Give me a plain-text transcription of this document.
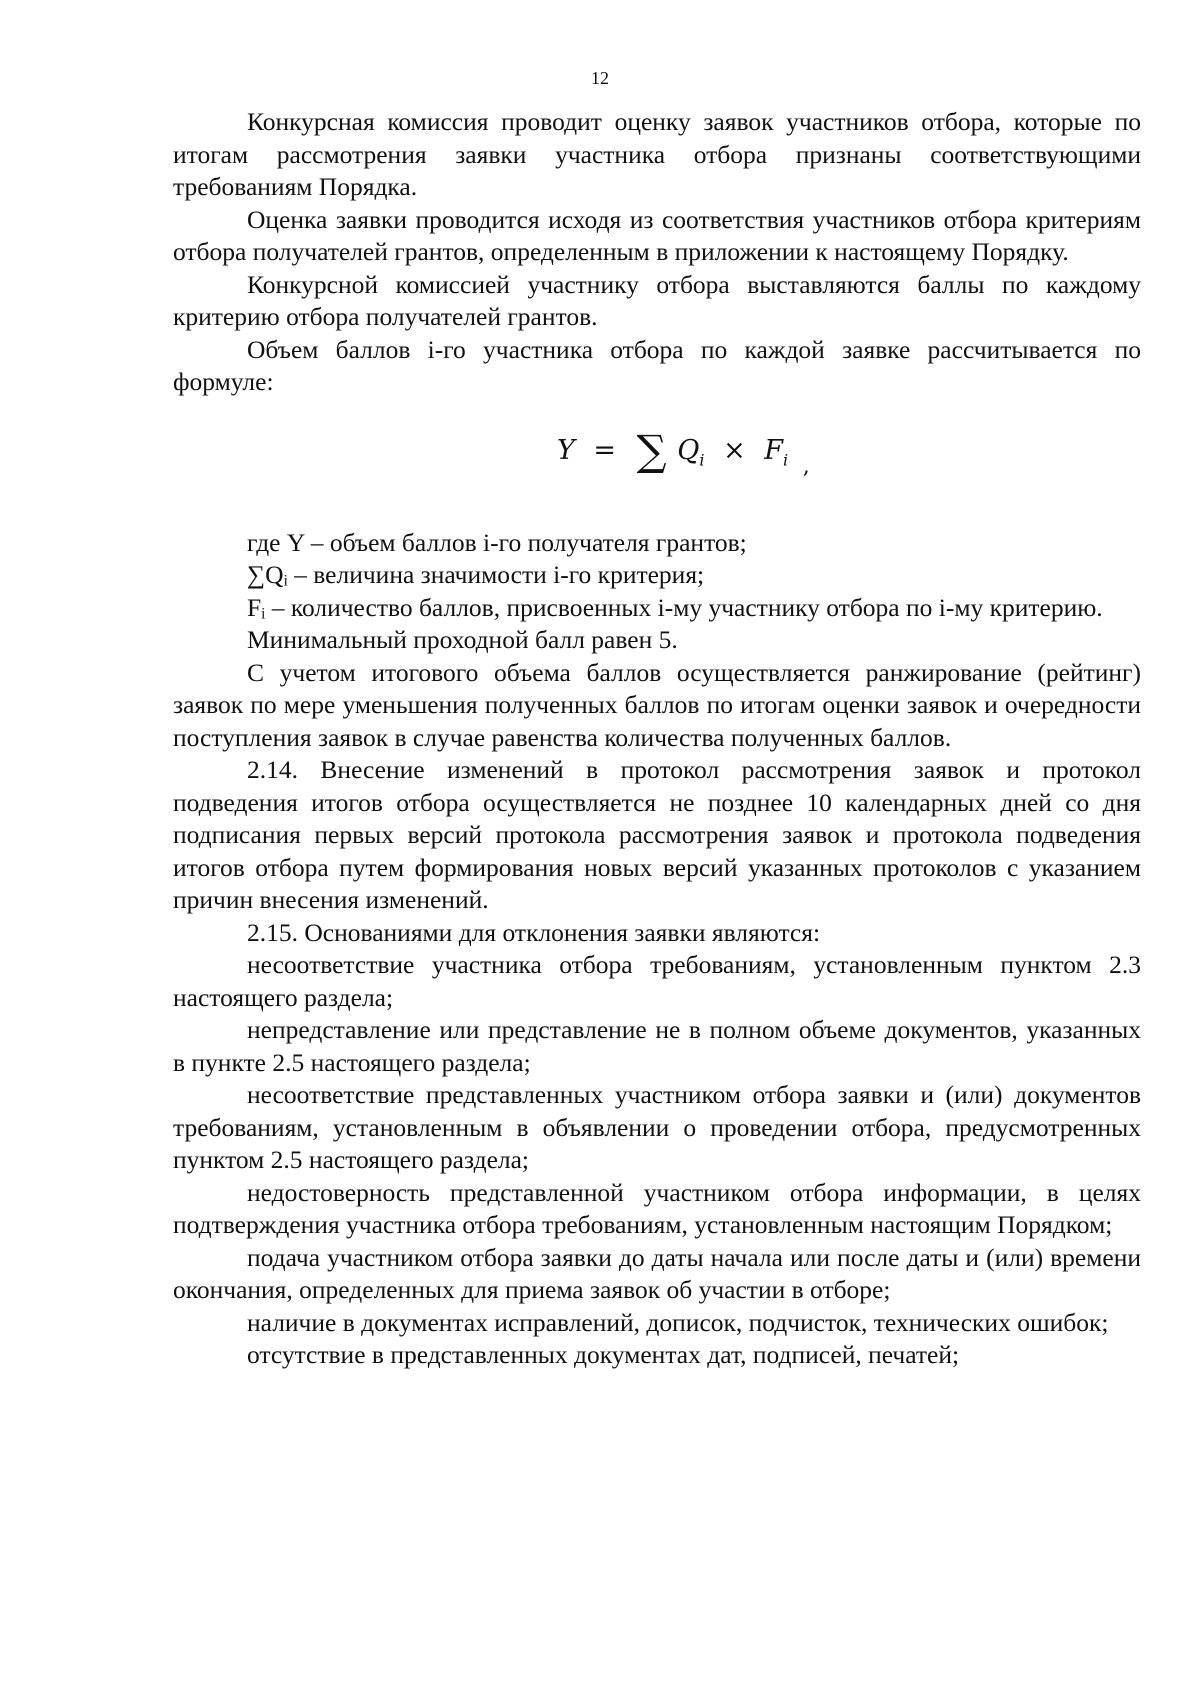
12

Конкурсная комиссия проводит оценку заявок участников отбора, которые по итогам рассмотрения заявки участника отбора признаны соответствующими требованиям Порядка.

Оценка заявки проводится исходя из соответствия участников отбора критериям отбора получателей грантов, определенным в приложении к настоящему Порядку.

Конкурсной комиссией участнику отбора выставляются баллы по каждому критерию отбора получателей грантов.

Объем баллов i-го участника отбора по каждой заявке рассчитывается по формуле:

Y = ∑ $Q_i \times F_i$ $_,$

где Y – объем баллов i-го получателя грантов;

∑Qᵢ – величина значимости i-го критерия;

Fᵢ – количество баллов, присвоенных i-му участнику отбора по i-му критерию.

Минимальный проходной балл равен 5.

С учетом итогового объема баллов осуществляется ранжирование (рейтинг) заявок по мере уменьшения полученных баллов по итогам оценки заявок и очередности поступления заявок в случае равенства количества полученных баллов.

2.14. Внесение изменений в протокол рассмотрения заявок и протокол подведения итогов отбора осуществляется не позднее 10 календарных дней со дня подписания первых версий протокола рассмотрения заявок и протокола подведения итогов отбора путем формирования новых версий указанных протоколов с указанием причин внесения изменений.

2.15. Основаниями для отклонения заявки являются:

несоответствие участника отбора требованиям, установленным пунктом 2.3 настоящего раздела;

непредставление или представление не в полном объеме документов, указанных в пункте 2.5 настоящего раздела;

несоответствие представленных участником отбора заявки и (или) документов требованиям, установленным в объявлении о проведении отбора, предусмотренных пунктом 2.5 настоящего раздела;

недостоверность представленной участником отбора информации, в целях подтверждения участника отбора требованиям, установленным настоящим Порядком;

подача участником отбора заявки до даты начала или после даты и (или) времени окончания, определенных для приема заявок об участии в отборе;

наличие в документах исправлений, дописок, подчисток, технических ошибок;

отсутствие в представленных документах дат, подписей, печатей;
